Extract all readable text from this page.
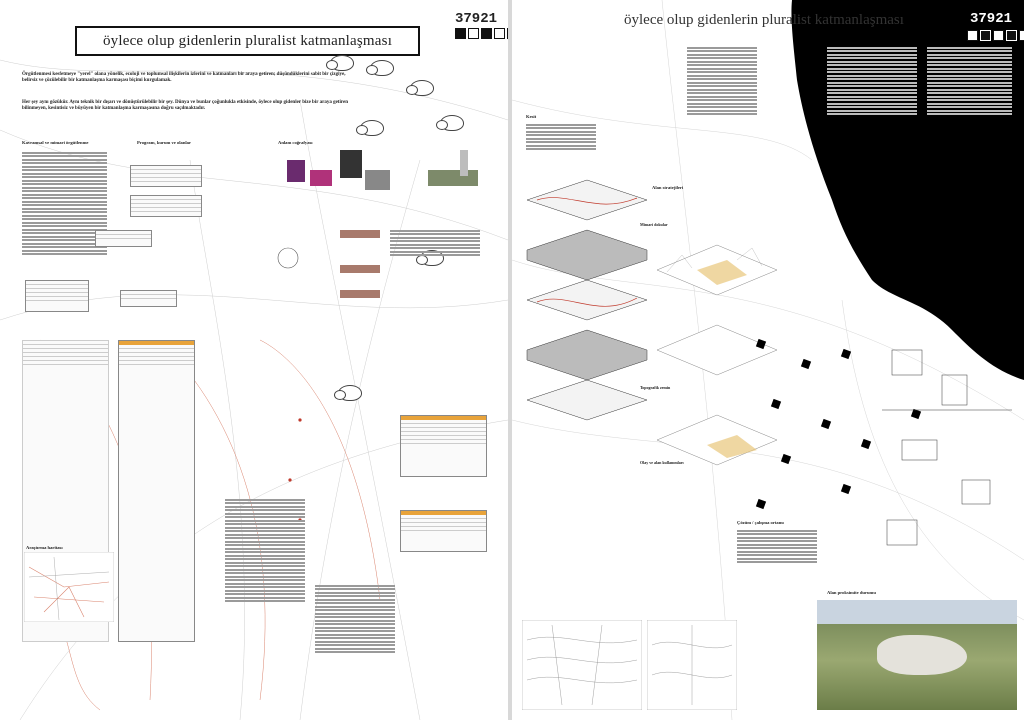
öylece olup gidenlerin pluralist katmanlaşması
37921
Örgütlenmesi kesfetmeye "yerel" olana yönelik, ecoloji ve toplumsal ilişkilerin izlerini ve katmanları bir araya getiren; düşündüklerini sabit bir çizgiye, belirsiz ve çözülebilir bir katmanlaşma karmaşası biçimi kurgulamak.
Her şey aynı gözükür. Aynı teknik bir dışarı ve dönüştürülebilir bir şey. Dünya ve bunlar çoğunlukla etkisinde, öylece olup gidenler bize bir araya getiren bilinmeyen, kesintisiz ve büyüyen bir katmanlaşma karmaşasına doğru saçılmaktadır.
Kavramsal ve mimari örgütlenme	Program, kurum ve olanlar	Anlam coğrafyası
Araştırma haritası
37921
öylece olup gidenlerin pluralist katmanlaşması
Kesit
Alan stratejileri
Mimari dokular
Topografik zemin
Olay ve alan kullanımları
Çözüm / çalışma ortamı
Alan proksimite durumu
